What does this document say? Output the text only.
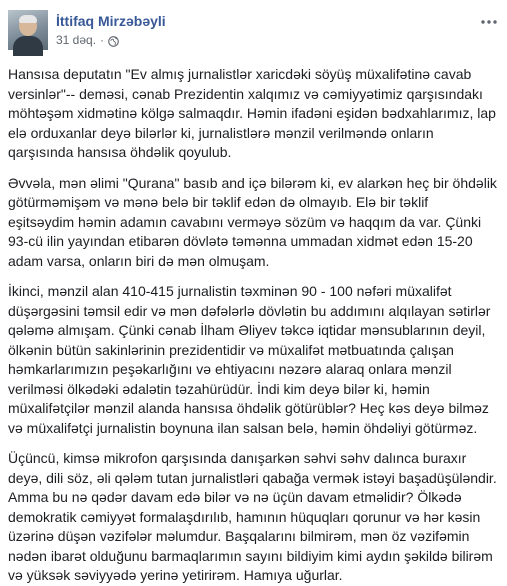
İttifaq Mirzəbəyli
31 dəq. ·

Hansısa deputatın "Ev almış jurnalistlər xaricdəki söyüş müxalifətinə cavab versinlər"-- deməsi, cənab Prezidentin xalqımız və cəmiyyətimiz qarşısındakı möhtəşəm xidmətinə kölgə salmaqdır. Həmin ifadəni eşidən bədxahlarımız, lap elə orduxanlar deyə bilərlər ki, jurnalistlərə mənzil verilməndə onların qarşısında hansısa öhdəlik qoyulub.

Əvvəla, mən əlimi "Qurana" basıb and içə bilərəm ki, ev alarkən heç bir öhdəlik götürməmişəm və mənə belə bir təklif edən də olmayıb. Elə bir təklif eşitsəydim həmin adamın cavabını verməyə sözüm və haqqım da var. Çünki 93-cü ilin yayından etibarən dövlətə təmənna ummadan xidmət edən 15-20 adam varsa, onların biri də mən olmuşam.

İkinci, mənzil alan 410-415 jurnalistin təxminən 90 - 100 nəfəri müxalifət düşərgəsini təmsil edir və mən dəfələrlə dövlətin bu addımını alqılayan sətirlər qələmə almışam. Çünki cənab İlham Əliyev təkcə iqtidar mənsublarının deyil, ölkənin bütün sakinlərinin prezidentidir və müxalifət mətbuatında çalışan həmkarlarımızın peşəkarlığını və ehtiyacını nəzərə alaraq onlara mənzil verilməsi ölkədəki ədalətin təzahürüdür. İndi kim deyə bilər ki, həmin müxalifətçilər mənzil alanda hansısa öhdəlik götürüblər? Heç kəs deyə bilməz və müxalifətçi jurnalistin boynuna ilan salsan belə, həmin öhdəliyi götürməz.

Üçüncü, kimsə mikrofon qarşısında danışarkən səhvi səhv dalınca buraxır deyə, dili söz, əli qələm tutan jurnalistləri qabağa vermək istəyi başadüşüləndir. Amma bu nə qədər davam edə bilər və nə üçün davam etməlidir? Ölkədə demokratik cəmiyyət formalaşdırılıb, hamının hüquqları qorunur və hər kəsin üzərinə düşən vəzifələr məlumdur. Başqalarını bilmirəm, mən öz vəzifəmin nədən ibarət olduğunu barmaqlarımın sayını bildiyim kimi aydın şəkildə bilirəm və yüksək səviyyədə yerinə yetirirəm. Hamıya uğurlar.
